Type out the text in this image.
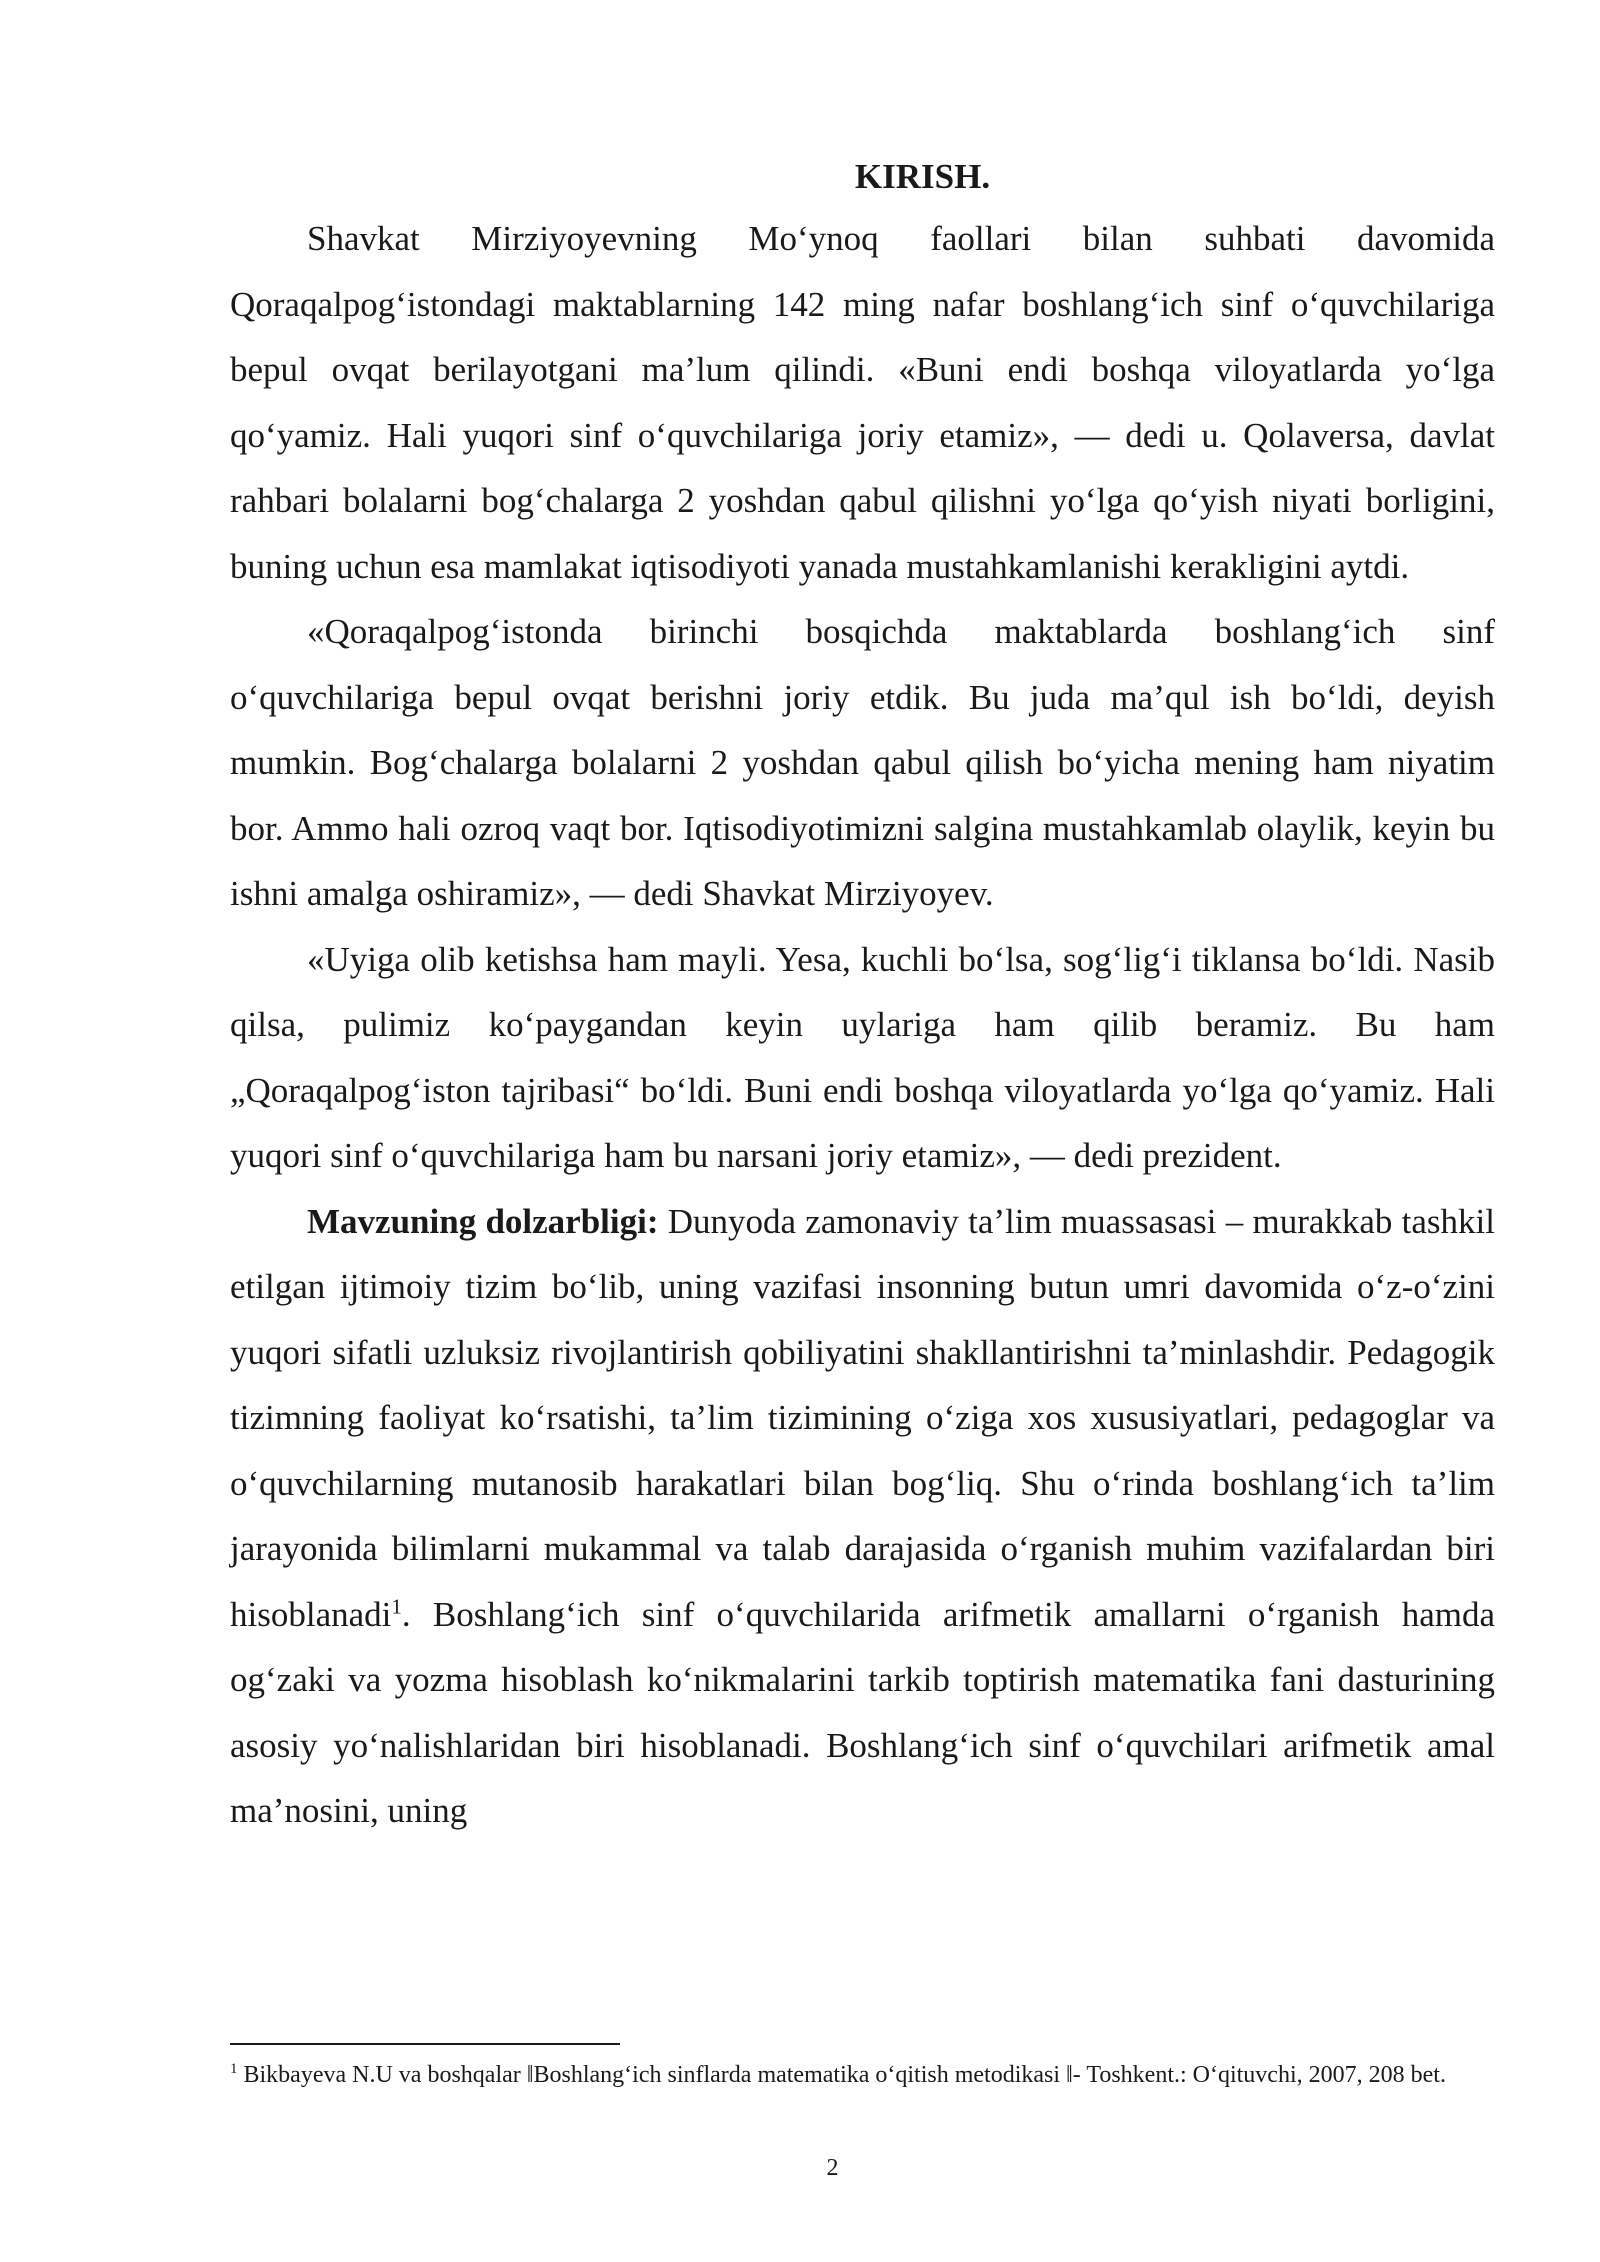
KIRISH.

Shavkat Mirziyoyevning Mo‘ynoq faollari bilan suhbati davomida Qoraqalpog‘istondagi maktablarning 142 ming nafar boshlang‘ich sinf o‘quvchilariga bepul ovqat berilayotgani ma’lum qilindi. «Buni endi boshqa viloyatlarda yo‘lga qo‘yamiz. Hali yuqori sinf o‘quvchilariga joriy etamiz», — dedi u. Qolaversa, davlat rahbari bolalarni bog‘chalarga 2 yoshdan qabul qilishni yo‘lga qo‘yish niyati borligini, buning uchun esa mamlakat iqtisodiyoti yanada mustahkamlanishi kerakligini aytdi.

«Qoraqalpog‘istonda birinchi bosqichda maktablarda boshlang‘ich sinf o‘quvchilariga bepul ovqat berishni joriy etdik. Bu juda ma’qul ish bo‘ldi, deyish mumkin. Bog‘chalarga bolalarni 2 yoshdan qabul qilish bo‘yicha mening ham niyatim bor. Ammo hali ozroq vaqt bor. Iqtisodiyotimizni salgina mustahkamlab olaylik, keyin bu ishni amalga oshiramiz», — dedi Shavkat Mirziyoyev.

«Uyiga olib ketishsa ham mayli. Yesa, kuchli bo‘lsa, sog‘lig‘i tiklansa bo‘ldi. Nasib qilsa, pulimiz ko‘paygandan keyin uylariga ham qilib beramiz. Bu ham „Qoraqalpog‘iston tajribasi“ bo‘ldi. Buni endi boshqa viloyatlarda yo‘lga qo‘yamiz. Hali yuqori sinf o‘quvchilariga ham bu narsani joriy etamiz», — dedi prezident.

Mavzuning dolzarbligi: Dunyoda zamonaviy ta’lim muassasasi – murakkab tashkil etilgan ijtimoiy tizim bo‘lib, uning vazifasi insonning butun umri davomida o‘z-o‘zini yuqori sifatli uzluksiz rivojlantirish qobiliyatini shakllantirishni ta’minlashdir. Pedagogik tizimning faoliyat ko‘rsatishi, ta’lim tizimining o‘ziga xos xususiyatlari, pedagoglar va o‘quvchilarning mutanosib harakatlari bilan bog‘liq. Shu o‘rinda boshlang‘ich ta’lim jarayonida bilimlarni mukammal va talab darajasida o‘rganish muhim vazifalardan biri hisoblanadi$^1$. Boshlang‘ich sinf o‘quvchilarida arifmetik amallarni o‘rganish hamda og‘zaki va yozma hisoblash ko‘nikmalarini tarkib toptirish matematika fani dasturining asosiy yo‘nalishlaridan biri hisoblanadi. Boshlang‘ich sinf o‘quvchilari arifmetik amal ma’nosini, uning

$^1$ Bikbayeva N.U va boshqalar ‖Boshlang‘ich sinflarda matematika o‘qitish metodikasi ‖- Toshkent.: O‘qituvchi, 2007, 208 bet.
2
